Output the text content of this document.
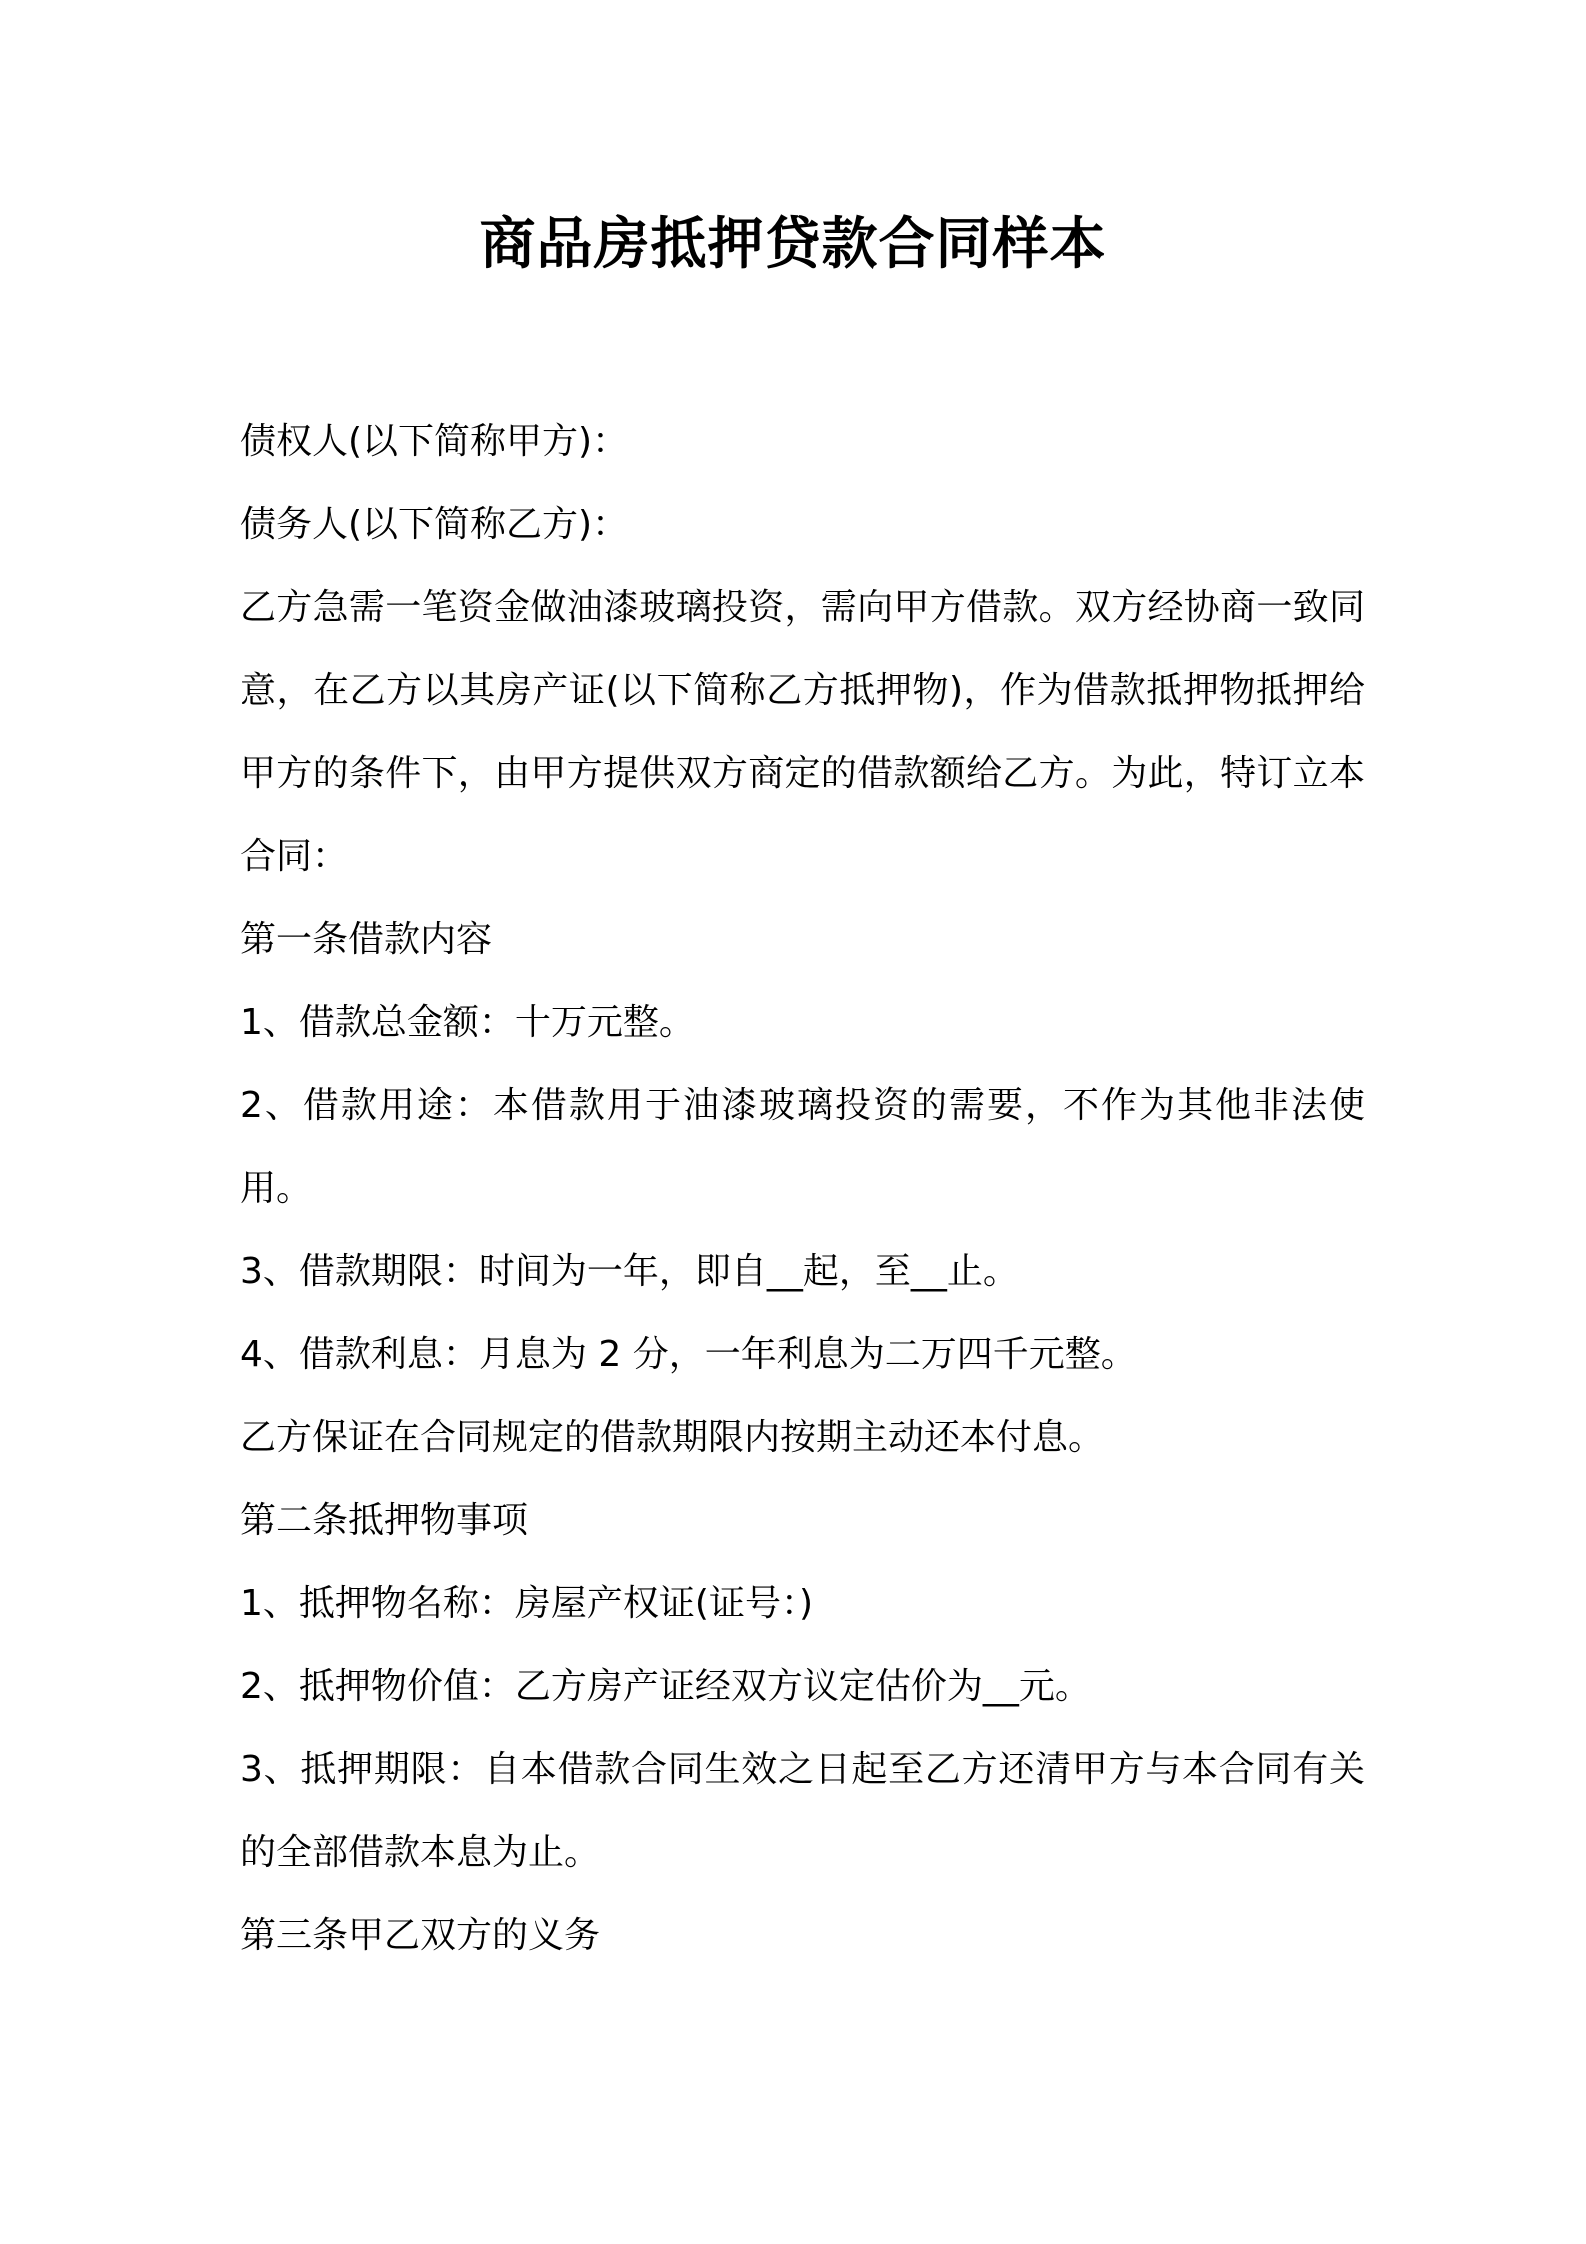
商品房抵押贷款合同样本

债权人(以下简称甲方)：

债务人(以下简称乙方)：

乙方急需一笔资金做油漆玻璃投资，需向甲方借款。双方经协商一致同意，在乙方以其房产证(以下简称乙方抵押物)，作为借款抵押物抵押给甲方的条件下，由甲方提供双方商定的借款额给乙方。为此，特订立本合同：

第一条借款内容

1、借款总金额：十万元整。

2、借款用途：本借款用于油漆玻璃投资的需要，不作为其他非法使用。

3、借款期限：时间为一年，即自__起，至__止。

4、借款利息：月息为 2 分，一年利息为二万四千元整。

乙方保证在合同规定的借款期限内按期主动还本付息。

第二条抵押物事项

1、抵押物名称：房屋产权证(证号：)

2、抵押物价值：乙方房产证经双方议定估价为__元。

3、抵押期限：自本借款合同生效之日起至乙方还清甲方与本合同有关的全部借款本息为止。

第三条甲乙双方的义务
